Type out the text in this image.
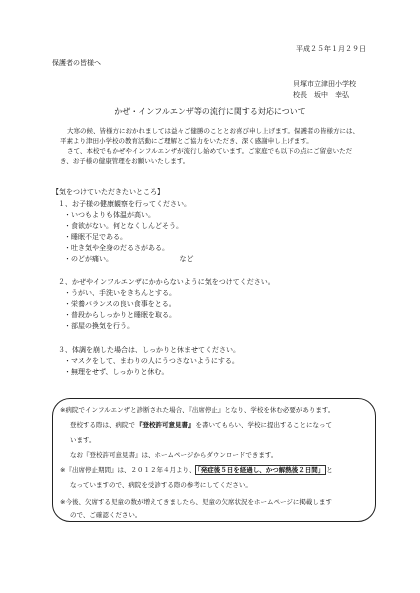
平成２５年１月２９日
保護者の皆様へ
貝塚市立津田小学校
校長　坂中　幸弘
かぜ・インフルエンザ等の流行に関する対応について

大寒の候、皆様方におかれましては益々ご健勝のこととお喜び申し上げます。保護者の皆様方には、

平素より津田小学校の教育活動にご理解とご協力をいただき、深く感謝申し上げます。

さて、本校でもかぜやインフルエンザが流行し始めています。ご家庭でも以下の点にご留意いただ

き、お子様の健康管理をお願いいたします。

【気をつけていただきたいところ】

１、お子様の健康観察を行ってください。

・いつもよりも体温が高い。
・食欲がない。何となくしんどそう。
・睡眠不足である。
・吐き気や全身のだるさがある。
・のどが痛い。　　　　　　　　　　など

２、かぜやインフルエンザにかからないように気をつけてください。

・うがい、手洗いをきちんとする。
・栄養バランスの良い食事をとる。
・普段からしっかりと睡眠を取る。
・部屋の換気を行う。

３、体調を崩した場合は、しっかりと休ませてください。

・マスクをして、まわりの人にうつさないようにする。
・無理をせず、しっかりと休む。
※病院でインフルエンザと診断された場合、『出席停止』となり、学校を休む必要があります。
登校する際は、病院で『登校許可意見書』を書いてもらい、学校に提出することになって
います。
なお『登校許可意見書』は、ホームページからダウンロードできます。
※『出席停止期間』は、２０１２年４月より、 「発症後５日を経過し、かつ解熱後２日間」 と
なっていますので、病院を受診する際の参考にしてください。
※今後、欠席する児童の数が増えてきましたら、児童の欠席状況をホームページに掲載します
ので、ご確認ください。
